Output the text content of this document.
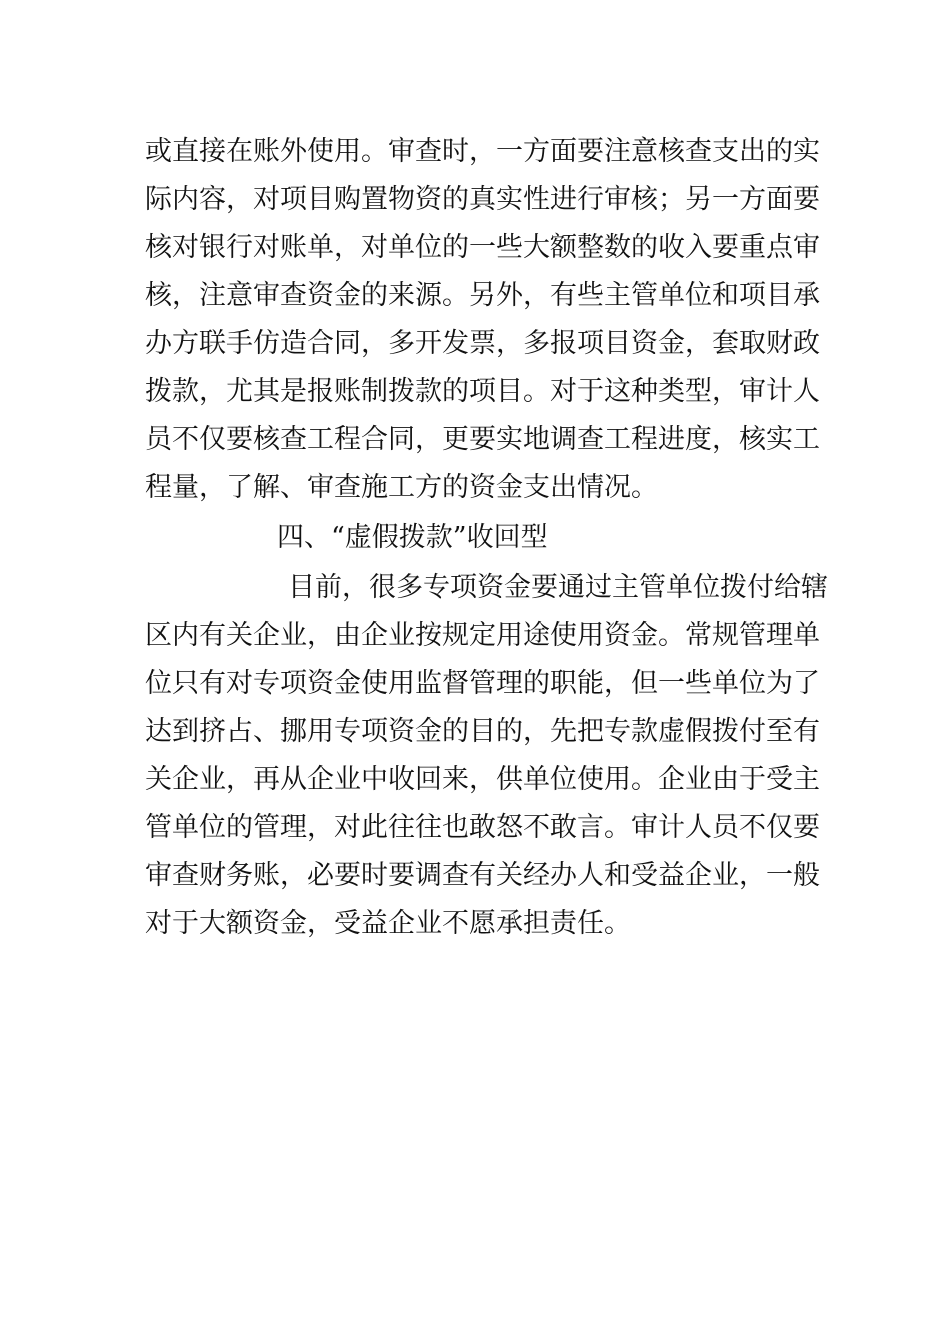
或直接在账外使用。审查时，一方面要注意核查支出的实
际内容，对项目购置物资的真实性进行审核；另一方面要
核对银行对账单，对单位的一些大额整数的收入要重点审
核，注意审查资金的来源。另外，有些主管单位和项目承
办方联手仿造合同，多开发票，多报项目资金，套取财政
拨款，尤其是报账制拨款的项目。对于这种类型，审计人
员不仅要核查工程合同，更要实地调查工程进度，核实工
程量，了解、审查施工方的资金支出情况。
四、“虚假拨款”收回型
目前，很多专项资金要通过主管单位拨付给辖
区内有关企业，由企业按规定用途使用资金。常规管理单
位只有对专项资金使用监督管理的职能，但一些单位为了
达到挤占、挪用专项资金的目的，先把专款虚假拨付至有
关企业，再从企业中收回来，供单位使用。企业由于受主
管单位的管理，对此往往也敢怒不敢言。审计人员不仅要
审查财务账，必要时要调查有关经办人和受益企业，一般
对于大额资金，受益企业不愿承担责任。
